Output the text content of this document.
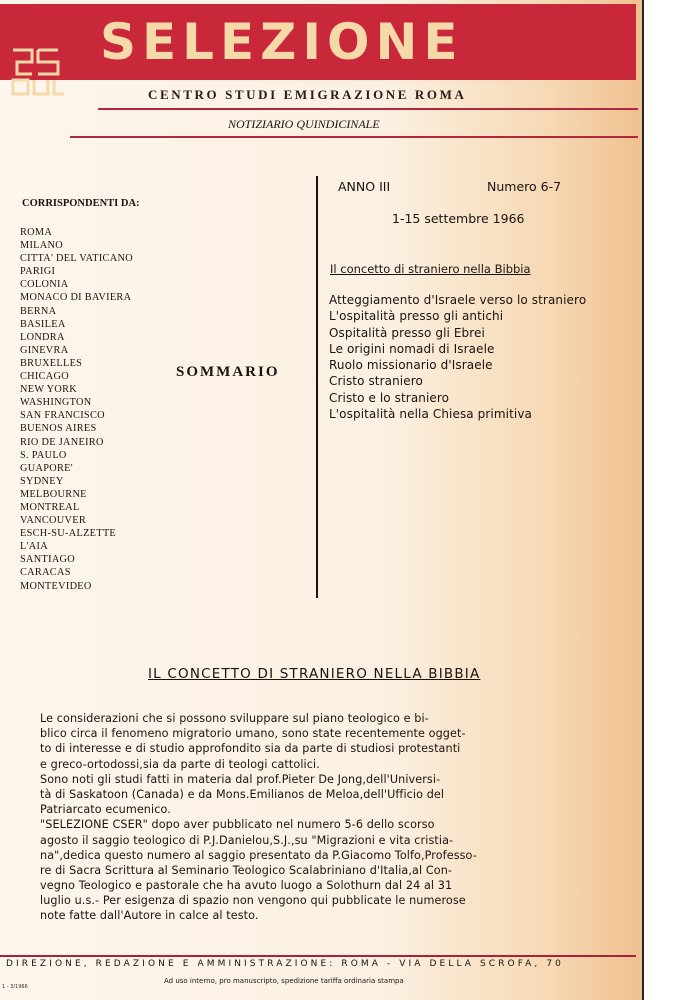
SELEZIONE
CENTRO STUDI EMIGRAZIONE ROMA
NOTIZIARIO QUINDICINALE
CORRISPONDENTI DA:
ROMA
MILANO
CITTA' DEL VATICANO
PARIGI
COLONIA
MONACO DI BAVIERA
BERNA
BASILEA
LONDRA
GINEVRA
BRUXELLES
CHICAGO
NEW YORK
WASHINGTON
SAN FRANCISCO
BUENOS AIRES
RIO DE JANEIRO
S. PAULO
GUAPORE'
SYDNEY
MELBOURNE
MONTREAL
VANCOUVER
ESCH-SU-ALZETTE
L'AIA
SANTIAGO
CARACAS
MONTEVIDEO
SOMMARIO
ANNO III	Numero 6-7
1-15 settembre 1966
Il concetto di straniero nella Bibbia
Atteggiamento d'Israele verso lo straniero
L'ospitalità presso gli antichi
Ospitalità presso gli Ebrei
Le origini nomadi di Israele
Ruolo missionario d'Israele
Cristo straniero
Cristo e lo straniero
L'ospitalità nella Chiesa primitiva
IL CONCETTO DI STRANIERO NELLA BIBBIA
Le considerazioni che si possono sviluppare sul piano teologico e bi-
blico circa il fenomeno migratorio umano, sono state recentemente ogget-
to di interesse e di studio approfondito sia da parte di studiosi protestanti
e greco-ortodossi,sia da parte di teologi cattolici.
Sono noti gli studi fatti in materia dal prof.Pieter De Jong,dell'Universi-
tà di Saskatoon (Canada) e da Mons.Emilianos de Meloa,dell'Ufficio del
Patriarcato ecumenico.
"SELEZIONE CSER" dopo aver pubblicato nel numero 5-6 dello scorso
agosto il saggio teologico di P.J.Danielou,S.J.,su "Migrazioni e vita cristia-
na",dedica questo numero al saggio presentato da P.Giacomo Tolfo,Professo-
re di Sacra Scrittura al Seminario Teologico Scalabriniano d'Italia,al Con-
vegno Teologico e pastorale che ha avuto luogo a Solothurn dal 24 al 31
luglio u.s.- Per esigenza di spazio non vengono qui pubblicate le numerose
note fatte dall'Autore in calce al testo.
DIREZIONE, REDAZIONE E AMMINISTRAZIONE: ROMA - VIA DELLA SCROFA, 70
Ad uso interno, pro manuscripto, spedizione tariffa ordinaria stampa
1 - 3/1966
